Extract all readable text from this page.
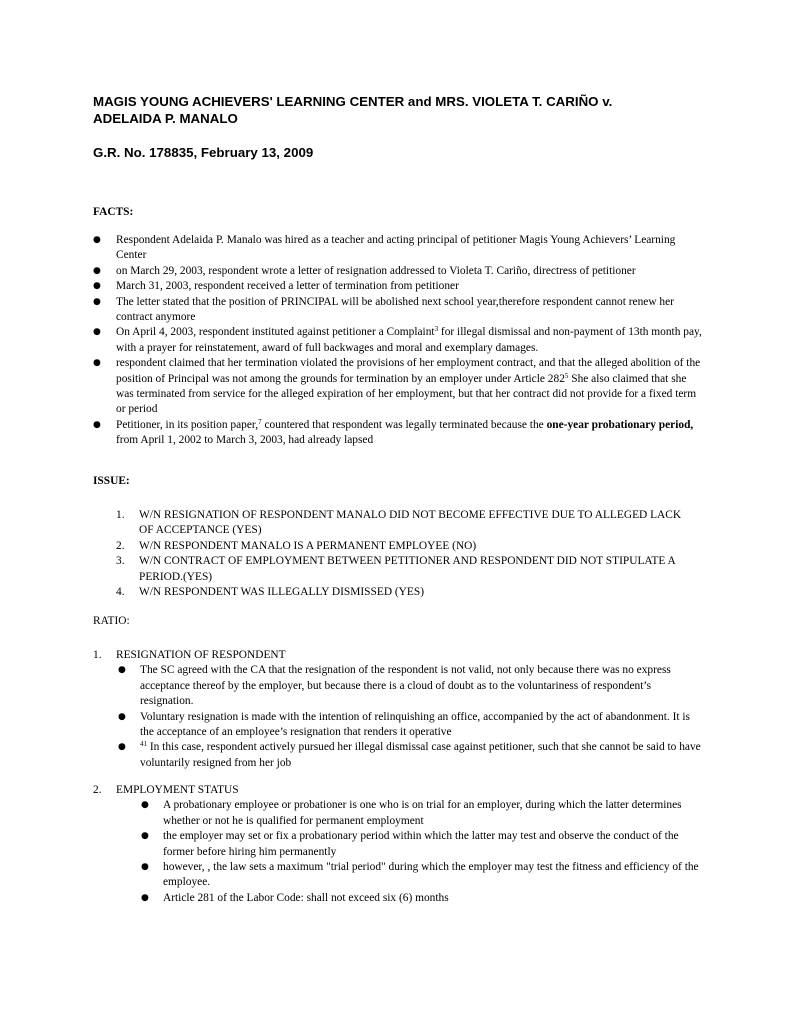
MAGIS YOUNG ACHIEVERS' LEARNING CENTER and MRS. VIOLETA T. CARIÑO v.
ADELAIDA P. MANALO

G.R. No. 178835, February 13, 2009

FACTS:

● Respondent Adelaida P. Manalo was hired as a teacher and acting principal of petitioner Magis Young Achievers’ Learning Center
● on March 29, 2003, respondent wrote a letter of resignation addressed to Violeta T. Cariño, directress of petitioner
● March 31, 2003, respondent received a letter of termination from petitioner
● The letter stated that the position of PRINCIPAL will be abolished next school year,therefore respondent cannot renew her contract anymore
● On April 4, 2003, respondent instituted against petitioner a Complaint$^3$ for illegal dismissal and non-payment of 13th month pay, with a prayer for reinstatement, award of full backwages and moral and exemplary damages.
● respondent claimed that her termination violated the provisions of her employment contract, and that the alleged abolition of the position of Principal was not among the grounds for termination by an employer under Article $282^5$ She also claimed that she was terminated from service for the alleged expiration of her employment, but that her contract did not provide for a fixed term or period
● Petitioner, in its position paper,$^7$ countered that respondent was legally terminated because the one-year probationary period, from April 1, 2002 to March 3, 2003, had already lapsed

ISSUE:

1. W/N RESIGNATION OF RESPONDENT MANALO DID NOT BECOME EFFECTIVE DUE TO ALLEGED LACK OF ACCEPTANCE (YES)
2. W/N RESPONDENT MANALO IS A PERMANENT EMPLOYEE (NO)
3. W/N CONTRACT OF EMPLOYMENT BETWEEN PETITIONER AND RESPONDENT DID NOT STIPULATE A PERIOD.(YES)
4. W/N RESPONDENT WAS ILLEGALLY DISMISSED (YES)

RATIO:

1. RESIGNATION OF RESPONDENT
● The SC agreed with the CA that the resignation of the respondent is not valid, not only because there was no express acceptance thereof by the employer, but because there is a cloud of doubt as to the voluntariness of respondent’s resignation.
● Voluntary resignation is made with the intention of relinquishing an office, accompanied by the act of abandonment. It is the acceptance of an employee’s resignation that renders it operative
● $^{41}$ In this case, respondent actively pursued her illegal dismissal case against petitioner, such that she cannot be said to have voluntarily resigned from her job
2. EMPLOYMENT STATUS
● A probationary employee or probationer is one who is on trial for an employer, during which the latter determines whether or not he is qualified for permanent employment
● the employer may set or fix a probationary period within which the latter may test and observe the conduct of the former before hiring him permanently
● however, , the law sets a maximum "trial period" during which the employer may test the fitness and efficiency of the employee.
● Article 281 of the Labor Code: shall not exceed six (6) months
